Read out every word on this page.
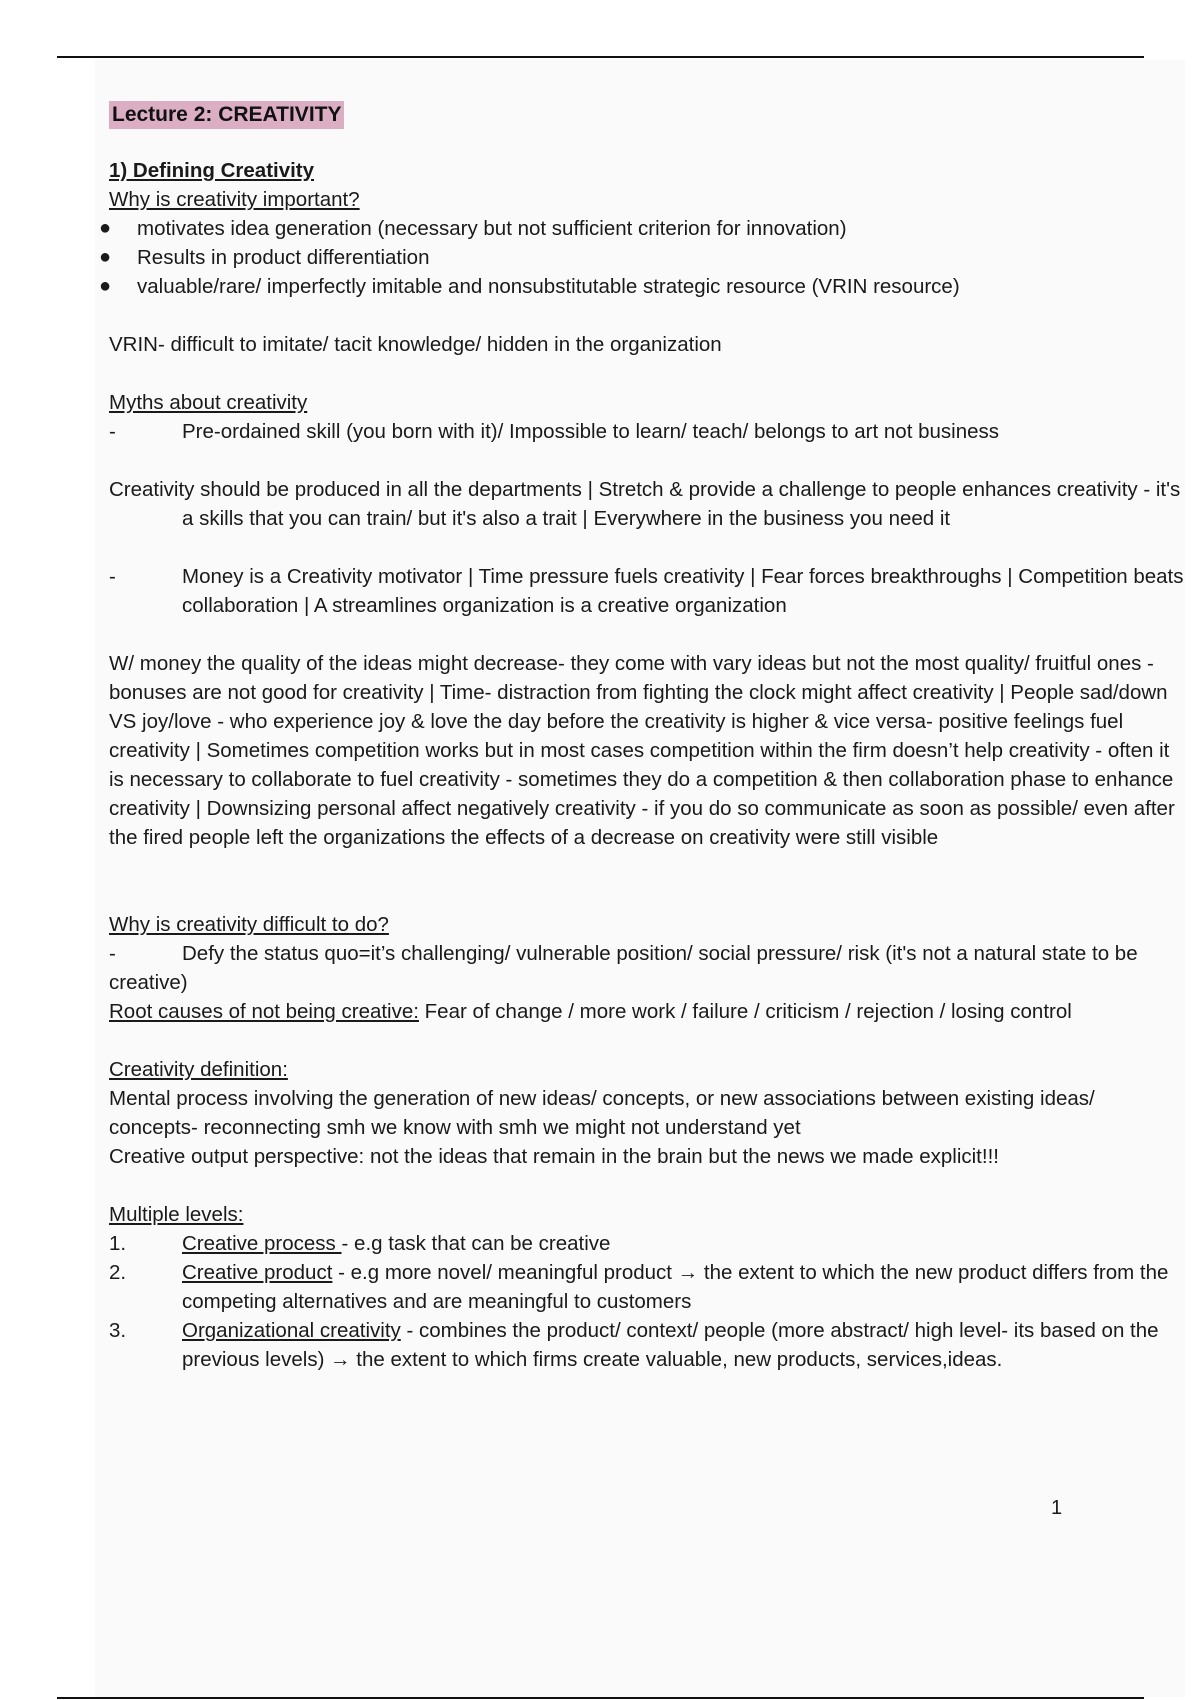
Lecture 2: CREATIVITY

1) Defining Creativity

Why is creativity important?

● motivates idea generation (necessary but not sufficient criterion for innovation)

● Results in product differentiation

● valuable/rare/ imperfectly imitable and nonsubstitutable strategic resource (VRIN resource)

VRIN- difficult to imitate/ tacit knowledge/ hidden in the organization

Myths about creativity

-	Pre-ordained skill (you born with it)/ Impossible to learn/ teach/ belongs to art not business

Creativity should be produced in all the departments | Stretch & provide a challenge to people enhances creativity - it's a skills that you can train/ but it's also a trait | Everywhere in the business you need it

-	Money is a Creativity motivator | Time pressure fuels creativity | Fear forces breakthroughs | Competition beats collaboration | A streamlines organization is a creative organization

W/ money the quality of the ideas might decrease- they come with vary ideas but not the most quality/ fruitful ones - bonuses are not good for creativity | Time- distraction from fighting the clock might affect creativity | People sad/down VS joy/love - who experience joy & love the day before the creativity is higher & vice versa- positive feelings fuel creativity | Sometimes competition works but in most cases competition within the firm doesn’t help creativity - often it is necessary to collaborate to fuel creativity - sometimes they do a competition & then collaboration phase to enhance creativity | Downsizing personal affect negatively creativity - if you do so communicate as soon as possible/ even after the fired people left the organizations the effects of a decrease on creativity were still visible

Why is creativity difficult to do?

-	Defy the status quo=it’s challenging/ vulnerable position/ social pressure/ risk (it's not a natural state to be creative)

Root causes of not being creative: Fear of change / more work / failure / criticism / rejection / losing control

Creativity definition:

Mental process involving the generation of new ideas/ concepts, or new associations between existing ideas/ concepts- reconnecting smh we know with smh we might not understand yet

Creative output perspective: not the ideas that remain in the brain but the news we made explicit!!!

Multiple levels:

1.	Creative process - e.g task that can be creative

2.	Creative product - e.g more novel/ meaningful product → the extent to which the new product differs from the competing alternatives and are meaningful to customers

3.	Organizational creativity - combines the product/ context/ people (more abstract/ high level- its based on the previous levels) → the extent to which firms create valuable, new products, services,ideas.

1
